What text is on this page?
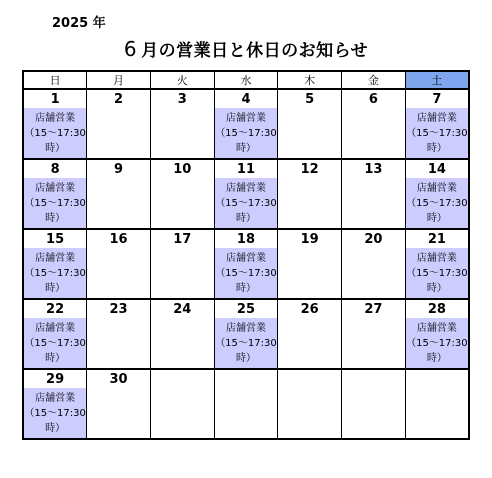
2025 年
6 月の営業日と休日のお知らせ
日	月	火	水	木	金	土
1	2	3	4	5	6	7
店舗営業
（15～17:30
時）			店舗営業
（15～17:30
時）			店舗営業
（15～17:30
時）

8	9	10	11	12	13	14
店舗営業
（15～17:30
時）			店舗営業
（15～17:30
時）			店舗営業
（15～17:30
時）

15	16	17	18	19	20	21
店舗営業
（15～17:30
時）			店舗営業
（15～17:30
時）			店舗営業
（15～17:30
時）

22	23	24	25	26	27	28
店舗営業
（15～17:30
時）			店舗営業
（15～17:30
時）			店舗営業
（15～17:30
時）

29	30					
店舗営業
（15～17:30
時）
